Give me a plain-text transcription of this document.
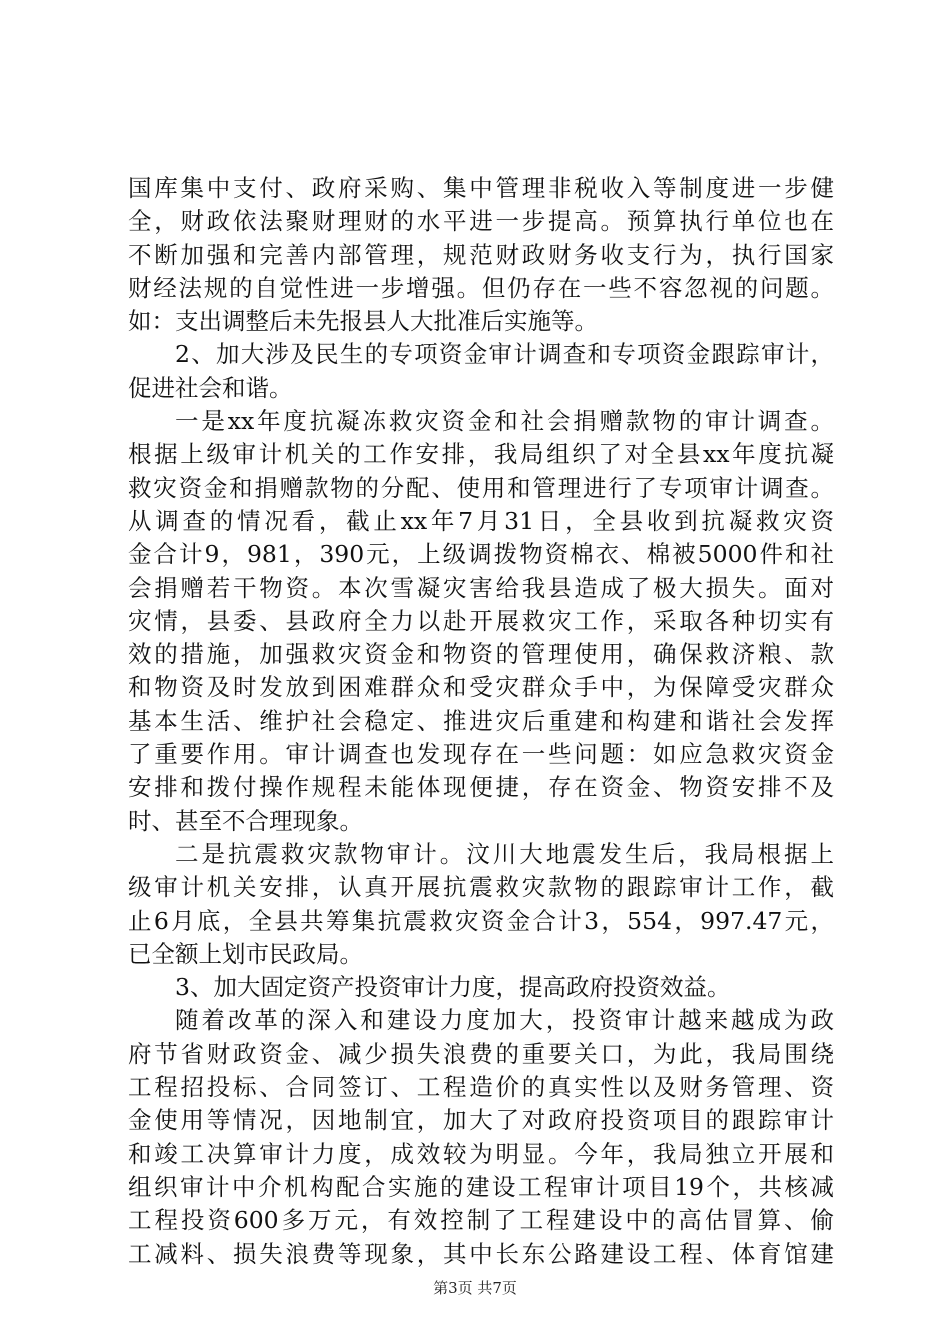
国库集中支付、政府采购、集中管理非税收入等制度进一步健
全，财政依法聚财理财的水平进一步提高。预算执行单位也在
不断加强和完善内部管理，规范财政财务收支行为，执行国家
财经法规的自觉性进一步增强。但仍存在一些不容忽视的问题。
如：支出调整后未先报县人大批准后实施等。
2、加大涉及民生的专项资金审计调查和专项资金跟踪审计，
促进社会和谐。
一是xx年度抗凝冻救灾资金和社会捐赠款物的审计调查。
根据上级审计机关的工作安排，我局组织了对全县xx年度抗凝
救灾资金和捐赠款物的分配、使用和管理进行了专项审计调查。
从调查的情况看，截止xx年7月31日，全县收到抗凝救灾资
金合计9，981，390元，上级调拨物资棉衣、棉被5000件和社
会捐赠若干物资。本次雪凝灾害给我县造成了极大损失。面对
灾情，县委、县政府全力以赴开展救灾工作，采取各种切实有
效的措施，加强救灾资金和物资的管理使用，确保救济粮、款
和物资及时发放到困难群众和受灾群众手中，为保障受灾群众
基本生活、维护社会稳定、推进灾后重建和构建和谐社会发挥
了重要作用。审计调查也发现存在一些问题：如应急救灾资金
安排和拨付操作规程未能体现便捷，存在资金、物资安排不及
时、甚至不合理现象。
二是抗震救灾款物审计。汶川大地震发生后，我局根据上
级审计机关安排，认真开展抗震救灾款物的跟踪审计工作，截
止6月底，全县共筹集抗震救灾资金合计3，554，997.47元，
已全额上划市民政局。
3、加大固定资产投资审计力度，提高政府投资效益。
随着改革的深入和建设力度加大，投资审计越来越成为政
府节省财政资金、减少损失浪费的重要关口，为此，我局围绕
工程招投标、合同签订、工程造价的真实性以及财务管理、资
金使用等情况，因地制宜，加大了对政府投资项目的跟踪审计
和竣工决算审计力度，成效较为明显。今年，我局独立开展和
组织审计中介机构配合实施的建设工程审计项目19个，共核减
工程投资600多万元，有效控制了工程建设中的高估冒算、偷
工减料、损失浪费等现象，其中长东公路建设工程、体育馆建
第3页 共7页
